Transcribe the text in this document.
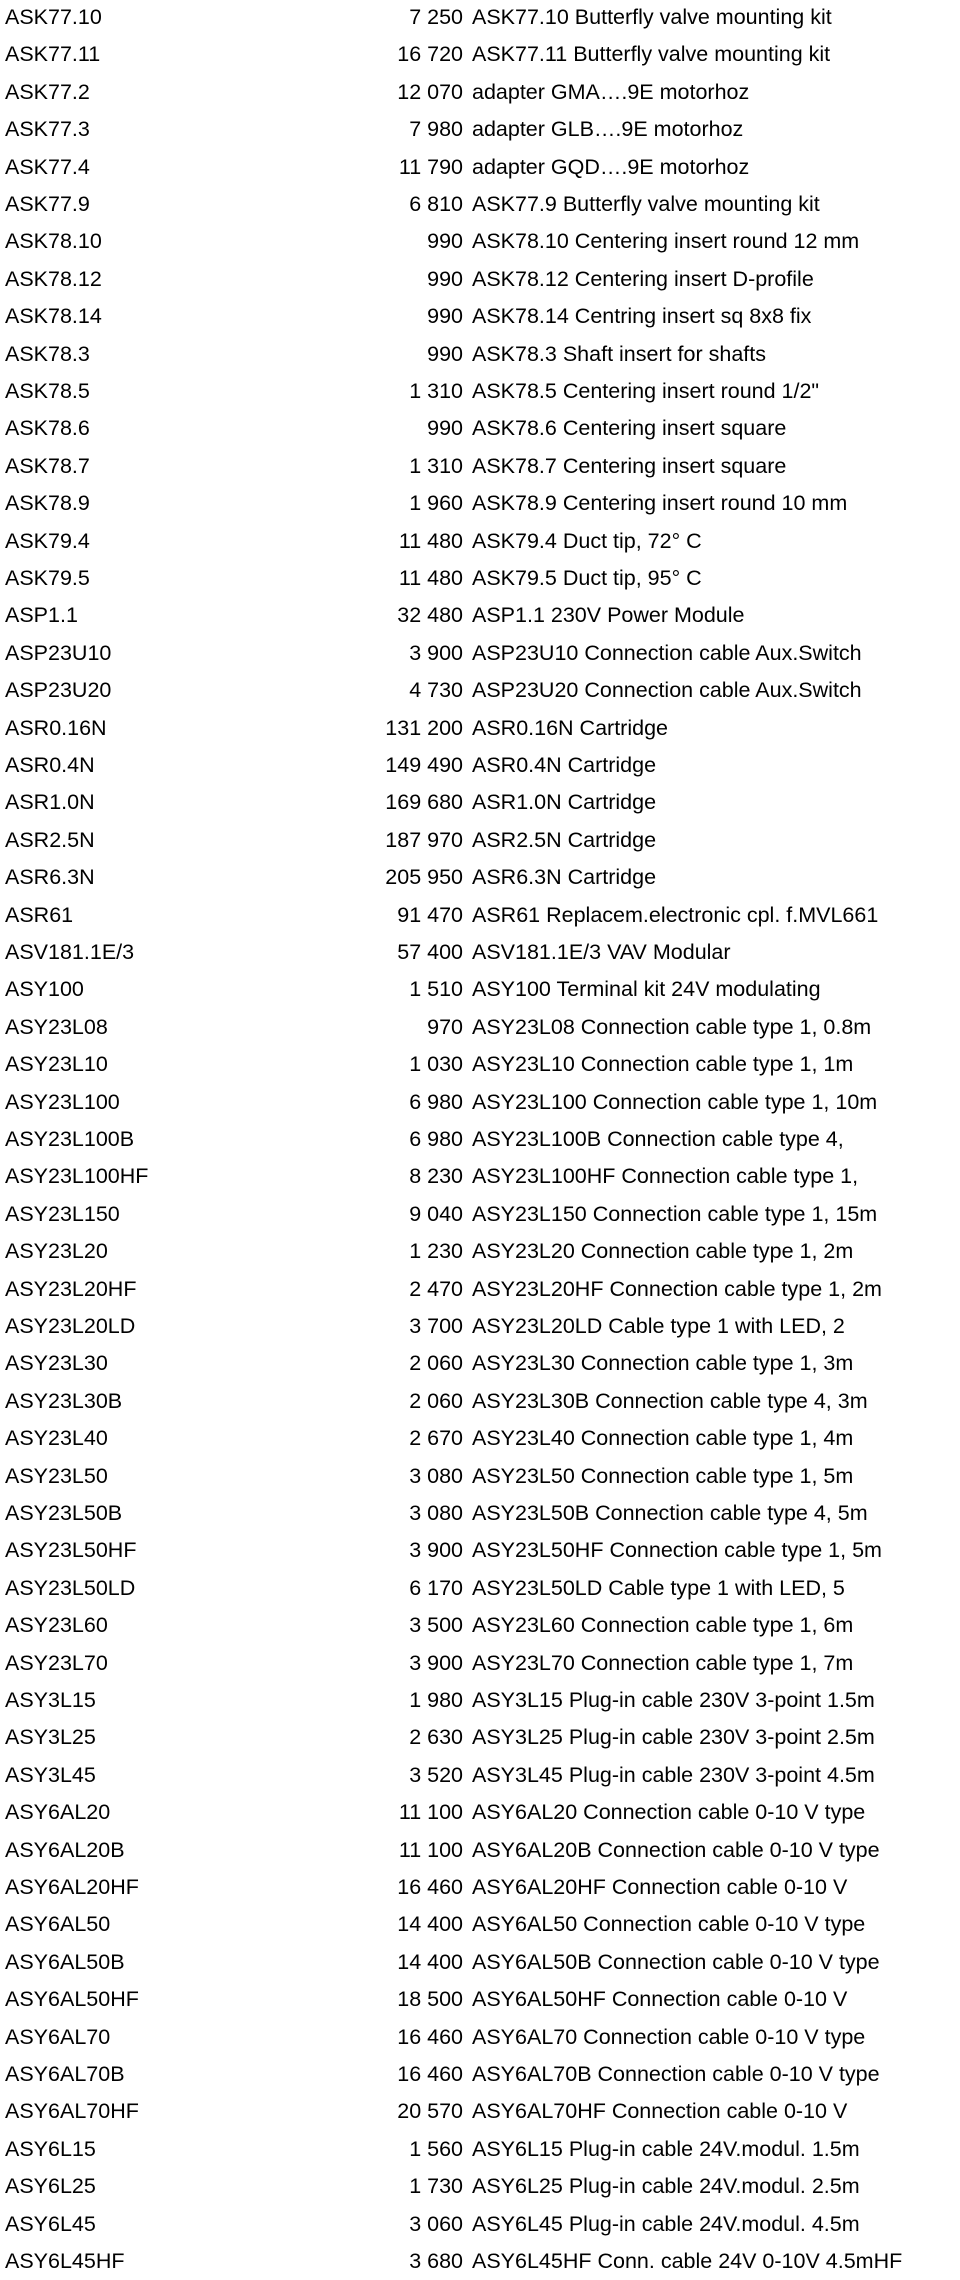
ASK77.10	7 250 ASK77.10 Butterfly valve mounting kit
ASK77.11	16 720 ASK77.11 Butterfly valve mounting kit
ASK77.2	12 070 adapter GMA….9E motorhoz
ASK77.3	7 980 adapter GLB….9E motorhoz
ASK77.4	11 790 adapter GQD….9E motorhoz
ASK77.9	6 810 ASK77.9 Butterfly valve mounting kit
ASK78.10	990 ASK78.10 Centering insert round 12 mm
ASK78.12	990 ASK78.12 Centering insert D-profile
ASK78.14	990 ASK78.14 Centring insert sq 8x8 fix
ASK78.3	990 ASK78.3 Shaft insert for shafts
ASK78.5	1 310 ASK78.5 Centering insert round 1/2"
ASK78.6	990 ASK78.6 Centering insert square
ASK78.7	1 310 ASK78.7 Centering insert square
ASK78.9	1 960 ASK78.9 Centering insert round 10 mm
ASK79.4	11 480 ASK79.4 Duct tip, 72° C
ASK79.5	11 480 ASK79.5 Duct tip, 95° C
ASP1.1	32 480 ASP1.1 230V Power Module
ASP23U10	3 900 ASP23U10 Connection cable Aux.Switch
ASP23U20	4 730 ASP23U20 Connection cable Aux.Switch
ASR0.16N	131 200 ASR0.16N Cartridge
ASR0.4N	149 490 ASR0.4N Cartridge
ASR1.0N	169 680 ASR1.0N Cartridge
ASR2.5N	187 970 ASR2.5N Cartridge
ASR6.3N	205 950 ASR6.3N Cartridge
ASR61	91 470 ASR61 Replacem.electronic cpl. f.MVL661
ASV181.1E/3	57 400 ASV181.1E/3 VAV Modular
ASY100	1 510 ASY100 Terminal kit 24V modulating
ASY23L08	970 ASY23L08 Connection cable type 1, 0.8m
ASY23L10	1 030 ASY23L10 Connection cable type 1, 1m
ASY23L100	6 980 ASY23L100 Connection cable type 1, 10m
ASY23L100B	6 980 ASY23L100B Connection cable type 4,
ASY23L100HF	8 230 ASY23L100HF Connection cable type 1,
ASY23L150	9 040 ASY23L150 Connection cable type 1, 15m
ASY23L20	1 230 ASY23L20 Connection cable type 1, 2m
ASY23L20HF	2 470 ASY23L20HF Connection cable type 1, 2m
ASY23L20LD	3 700 ASY23L20LD Cable type 1 with LED, 2
ASY23L30	2 060 ASY23L30 Connection cable type 1, 3m
ASY23L30B	2 060 ASY23L30B Connection cable type 4, 3m
ASY23L40	2 670 ASY23L40 Connection cable type 1, 4m
ASY23L50	3 080 ASY23L50 Connection cable type 1, 5m
ASY23L50B	3 080 ASY23L50B Connection cable type 4, 5m
ASY23L50HF	3 900 ASY23L50HF Connection cable type 1, 5m
ASY23L50LD	6 170 ASY23L50LD Cable type 1 with LED, 5
ASY23L60	3 500 ASY23L60 Connection cable type 1, 6m
ASY23L70	3 900 ASY23L70 Connection cable type 1, 7m
ASY3L15	1 980 ASY3L15 Plug-in cable 230V 3-point 1.5m
ASY3L25	2 630 ASY3L25 Plug-in cable 230V 3-point 2.5m
ASY3L45	3 520 ASY3L45 Plug-in cable 230V 3-point 4.5m
ASY6AL20	11 100 ASY6AL20 Connection cable 0-10 V type
ASY6AL20B	11 100 ASY6AL20B Connection cable 0-10 V type
ASY6AL20HF	16 460 ASY6AL20HF Connection cable 0-10 V
ASY6AL50	14 400 ASY6AL50 Connection cable 0-10 V type
ASY6AL50B	14 400 ASY6AL50B Connection cable 0-10 V type
ASY6AL50HF	18 500 ASY6AL50HF Connection cable 0-10 V
ASY6AL70	16 460 ASY6AL70 Connection cable 0-10 V type
ASY6AL70B	16 460 ASY6AL70B Connection cable 0-10 V type
ASY6AL70HF	20 570 ASY6AL70HF Connection cable 0-10 V
ASY6L15	1 560 ASY6L15 Plug-in cable 24V.modul. 1.5m
ASY6L25	1 730 ASY6L25 Plug-in cable 24V.modul. 2.5m
ASY6L45	3 060 ASY6L45 Plug-in cable 24V.modul. 4.5m
ASY6L45HF	3 680 ASY6L45HF Conn. cable 24V 0-10V 4.5mHF
